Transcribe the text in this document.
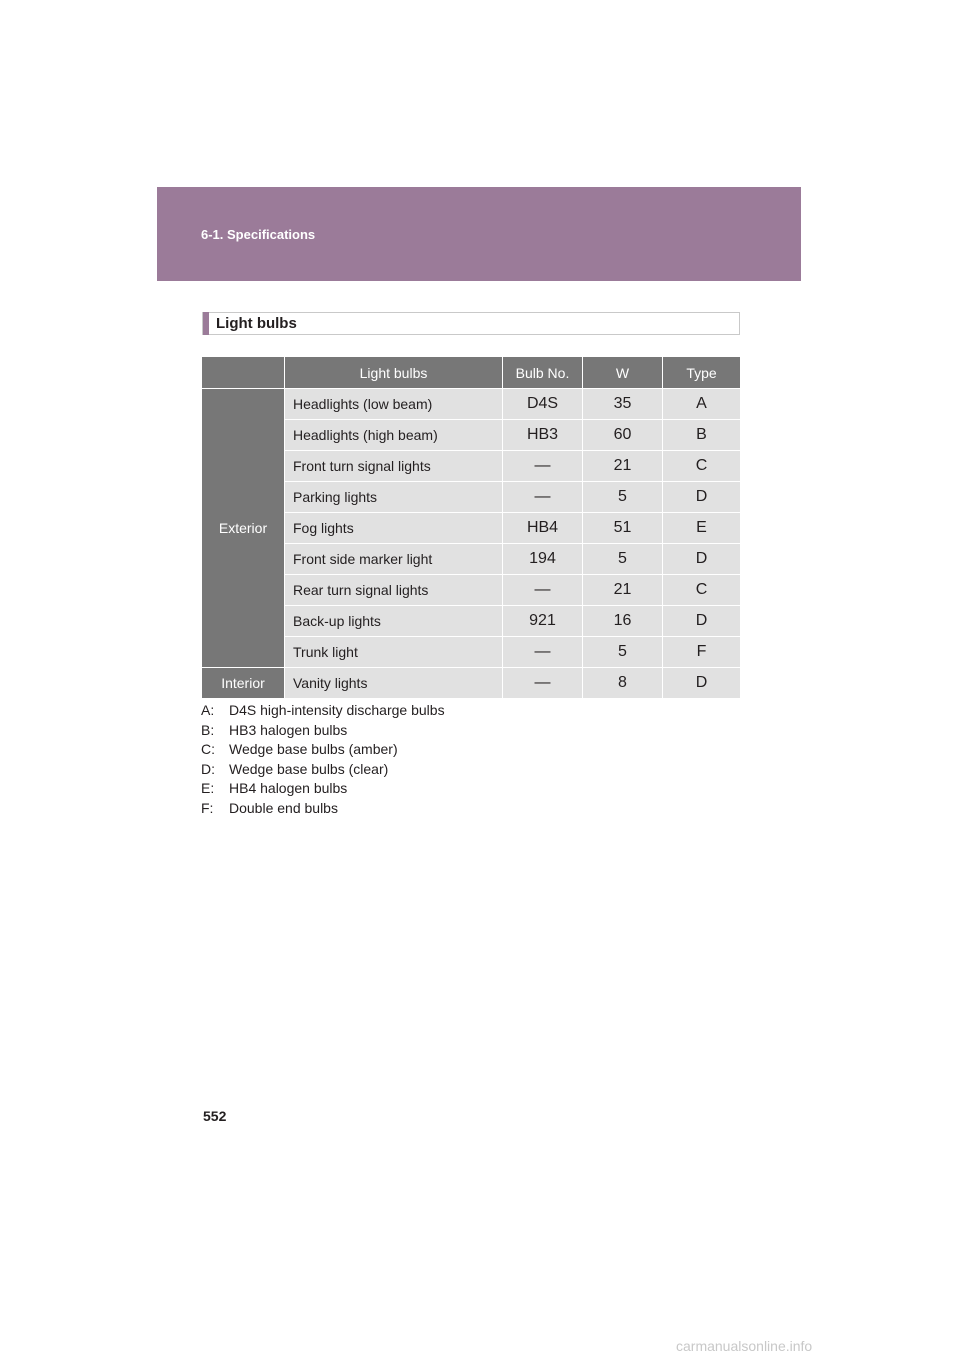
6-1. Specifications
Light bulbs
	Light bulbs	Bulb No.	W	Type
Exterior	Headlights (low beam)	D4S	35	A
	Headlights (high beam)	HB3	60	B
	Front turn signal lights	—	21	C
	Parking lights	—	5	D
	Fog lights	HB4	51	E
	Front side marker light	194	5	D
	Rear turn signal lights	—	21	C
	Back-up lights	921	16	D
	Trunk light	—	5	F
Interior	Vanity lights	—	8	D
A:	D4S high-intensity discharge bulbs
B:	HB3 halogen bulbs
C:	Wedge base bulbs (amber)
D:	Wedge base bulbs (clear)
E:	HB4 halogen bulbs
F:	Double end bulbs
552
carmanualsonline.info
